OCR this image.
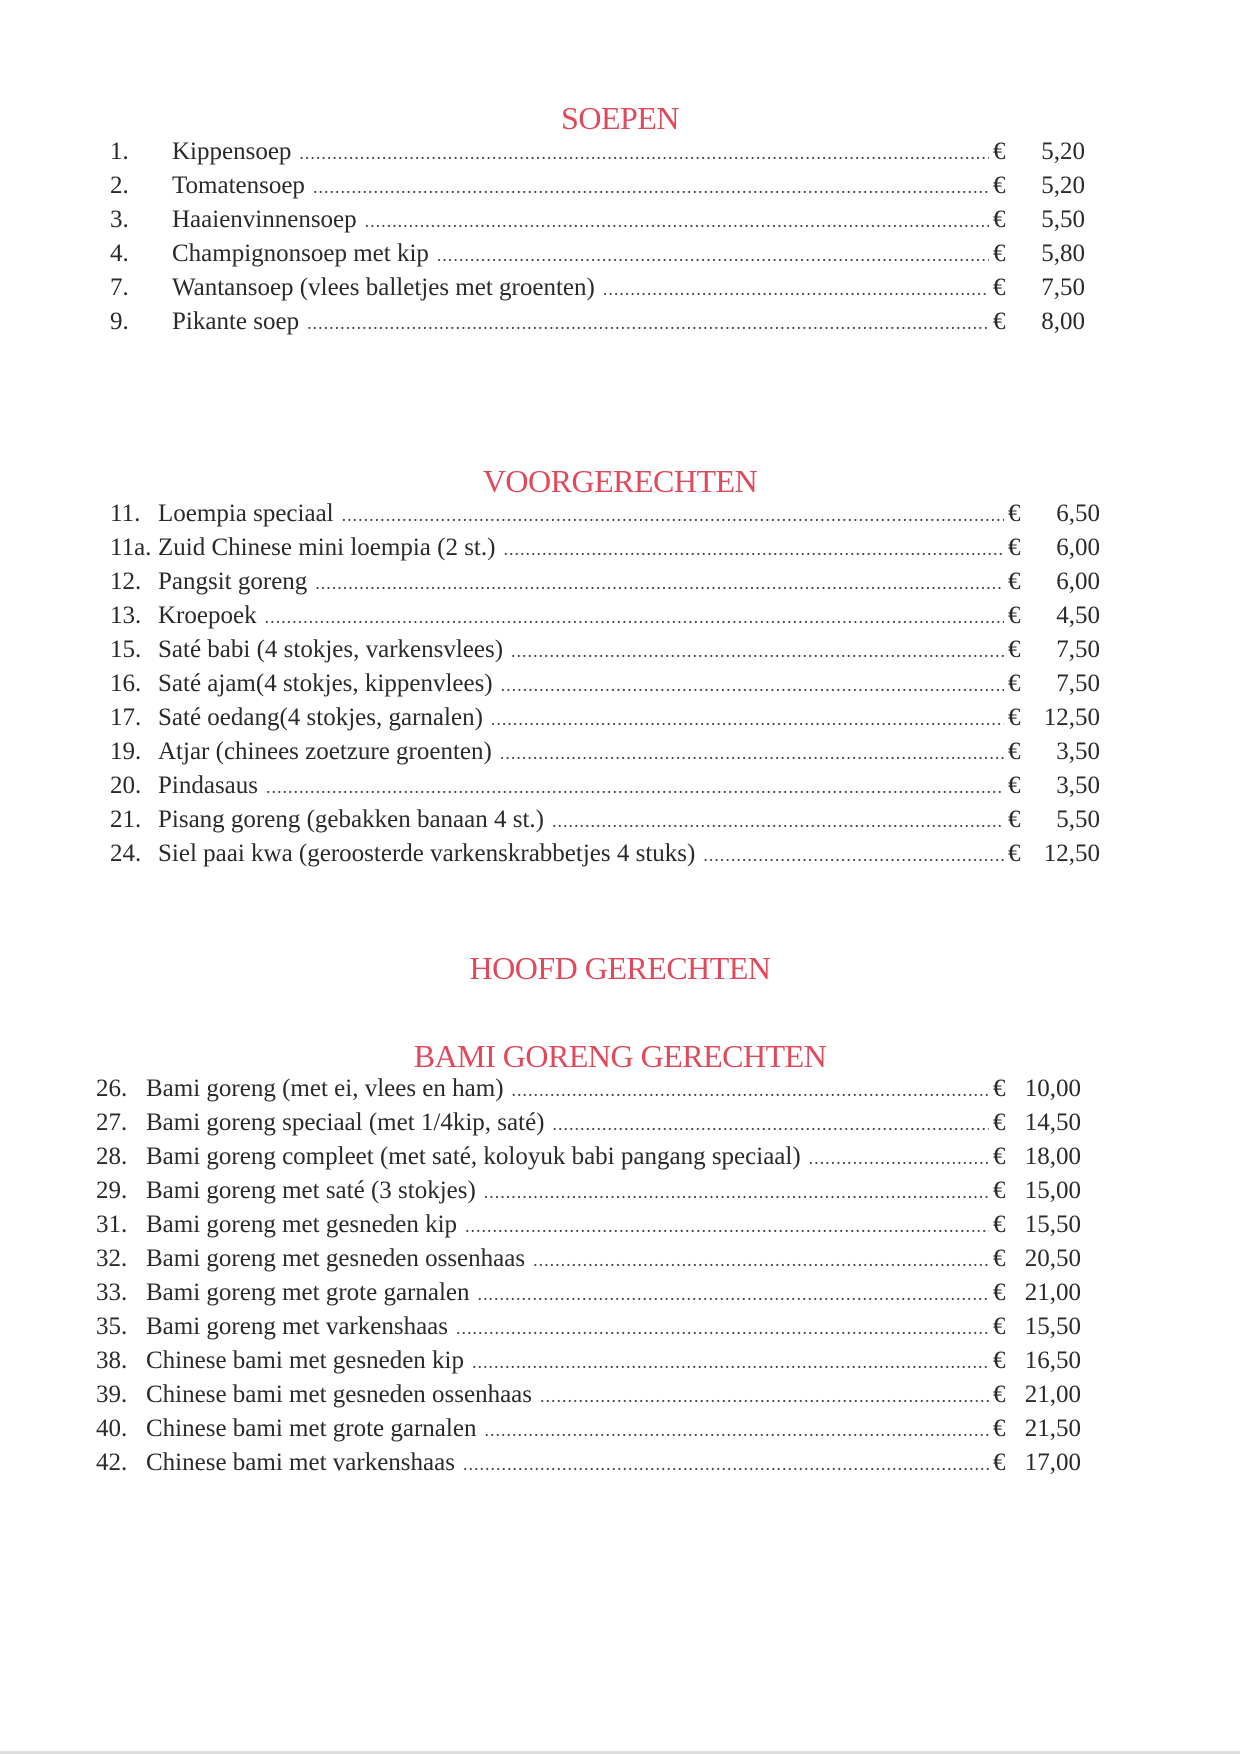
SOEPEN
1.	Kippensoep .....	€ 5,20
2.	Tomatensoep .....	€ 5,20
3.	Haaienvinnensoep .....	€ 5,50
4.	Champignonsoep met kip .....	€ 5,80
7.	Wantansoep (vlees balletjes met groenten) .....	€ 7,50
9.	Pikante soep .....	€ 8,00
VOORGERECHTEN
11. Loempia speciaal .....	€ 6,50
11a. Zuid Chinese mini loempia (2 st.) .....	€ 6,00
12. Pangsit goreng .....	€ 6,00
13. Kroepoek .....	€ 4,50
15. Saté babi (4 stokjes, varkensvlees) .....	€ 7,50
16. Saté ajam(4 stokjes, kippenvlees) .....	€ 7,50
17. Saté oedang(4 stokjes, garnalen) .....	€ 12,50
19. Atjar (chinees zoetzure groenten) .....	€ 3,50
20. Pindasaus .....	€ 3,50
21. Pisang goreng (gebakken banaan 4 st.) .....	€ 5,50
24. Siel paai kwa (geroosterde varkenskrabbetjes 4 stuks) .....	€ 12,50
HOOFD GERECHTEN
BAMI GORENG GERECHTEN
26. Bami goreng (met ei, vlees en ham) .....	€ 10,00
27. Bami goreng speciaal (met 1/4kip, saté) .....	€ 14,50
28. Bami goreng compleet (met saté, koloyuk babi pangang speciaal) .....	€ 18,00
29. Bami goreng met saté (3 stokjes) .....	€ 15,00
31. Bami goreng met gesneden kip .....	€ 15,50
32. Bami goreng met gesneden ossenhaas .....	€ 20,50
33. Bami goreng met grote garnalen .....	€ 21,00
35. Bami goreng met varkenshaas .....	€ 15,50
38. Chinese bami met gesneden kip .....	€ 16,50
39. Chinese bami met gesneden ossenhaas .....	€ 21,00
40. Chinese bami met grote garnalen .....	€ 21,50
42. Chinese bami met varkenshaas .....	€ 17,00
